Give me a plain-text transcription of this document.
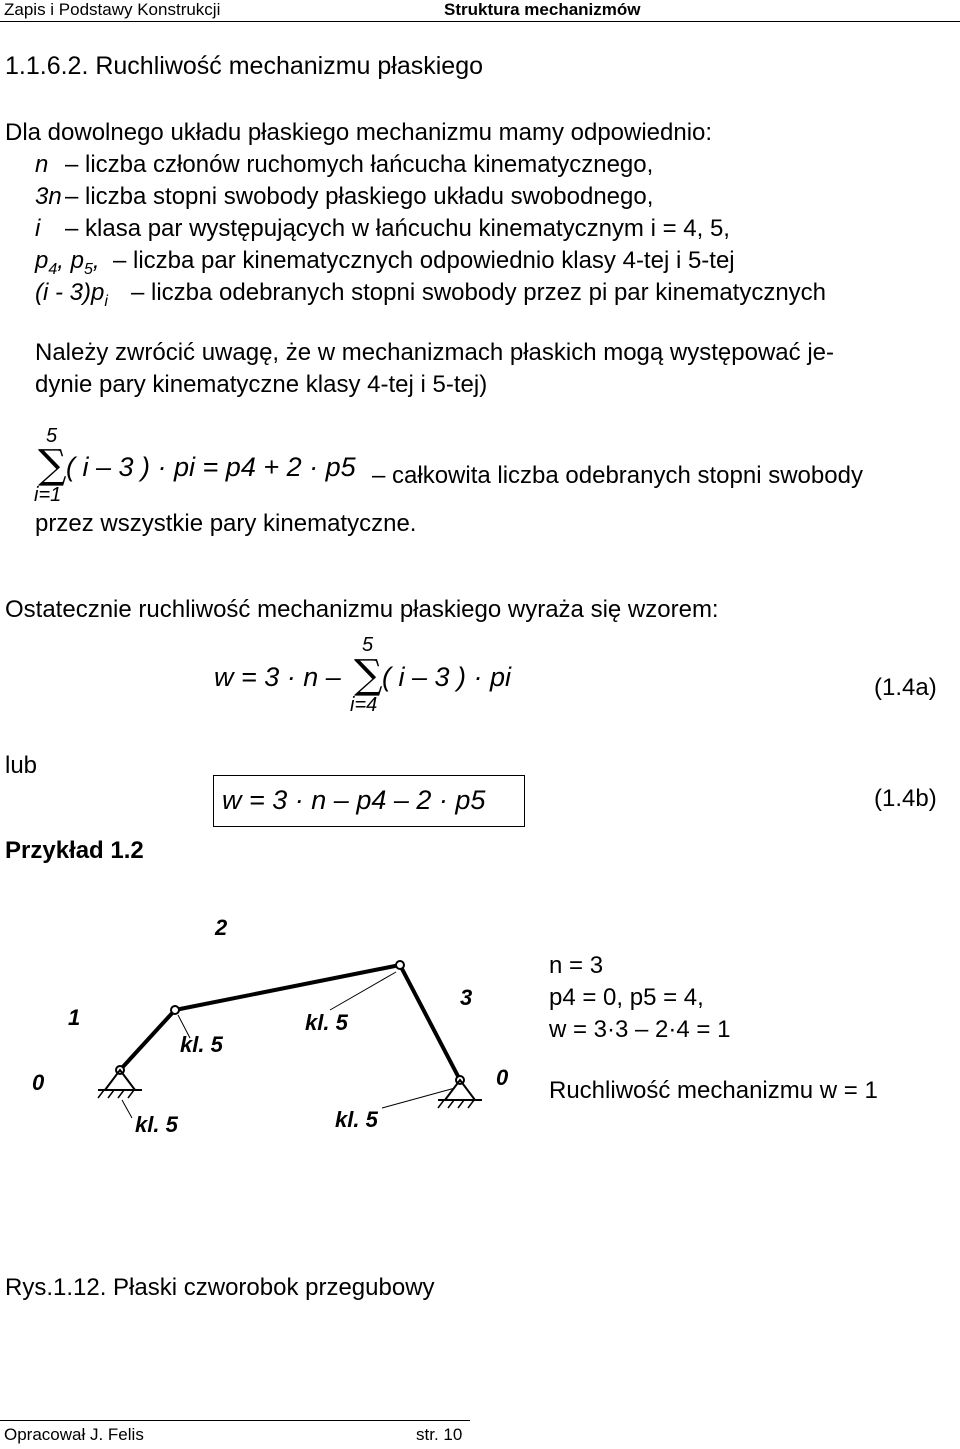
Zapis i Podstawy Konstrukcji	Struktura mechanizmów
1.1.6.2. Ruchliwość mechanizmu płaskiego
Dla dowolnego układu płaskiego mechanizmu mamy odpowiednio:
n – liczba członów ruchomych łańcucha kinematycznego,
3n – liczba stopni swobody płaskiego układu swobodnego,
i – klasa par występujących w łańcuchu kinematycznym i = 4, 5,
$p_4$, $p_5$, – liczba par kinematycznych odpowiednio klasy 4-tej i 5-tej
$(i - 3)p_i$ – liczba odebranych stopni swobody przez pi par kinematycznych
Należy zwrócić uwagę, że w mechanizmach płaskich mogą występować je-
dynie pary kinematyczne klasy 4-tej i 5-tej)
5
∑
i=1
( i – 3 ) · pi = p4 + 2 · p5 – całkowita liczba odebranych stopni swobody
przez wszystkie pary kinematyczne.
Ostatecznie ruchliwość mechanizmu płaskiego wyraża się wzorem:
w = 3 · n –
5
∑
i=4
( i – 3 ) · pi	(1.4a)
lub
w = 3 · n – p4 – 2 · p5	(1.4b)
Przykład 1.2
2
1
3
0	0
kl. 5
kl. 5
kl. 5	kl. 5
n = 3
p4 = 0, p5 = 4,
w = 3·3 – 2·4 = 1
Ruchliwość mechanizmu w = 1
Rys.1.12. Płaski czworobok przegubowy
Opracował J. Felis	str. 10
